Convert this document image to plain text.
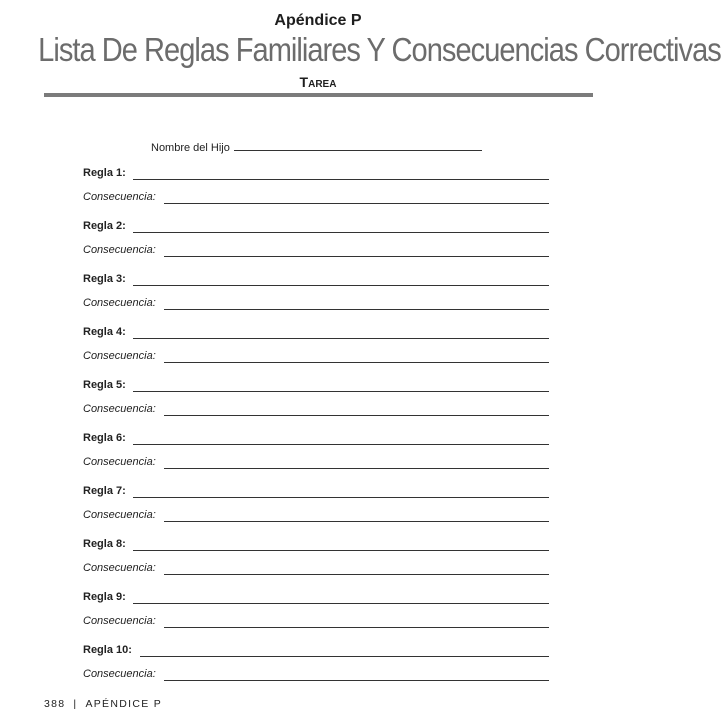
Apéndice P
Lista De Reglas Familiares Y Consecuencias Correctivas
Tarea
Nombre del Hijo
Regla 1:
Consecuencia:
Regla 2:
Consecuencia:
Regla 3:
Consecuencia:
Regla 4:
Consecuencia:
Regla 5:
Consecuencia:
Regla 6:
Consecuencia:
Regla 7:
Consecuencia:
Regla 8:
Consecuencia:
Regla 9:
Consecuencia:
Regla 10:
Consecuencia:
388 | APÉNDICE P
